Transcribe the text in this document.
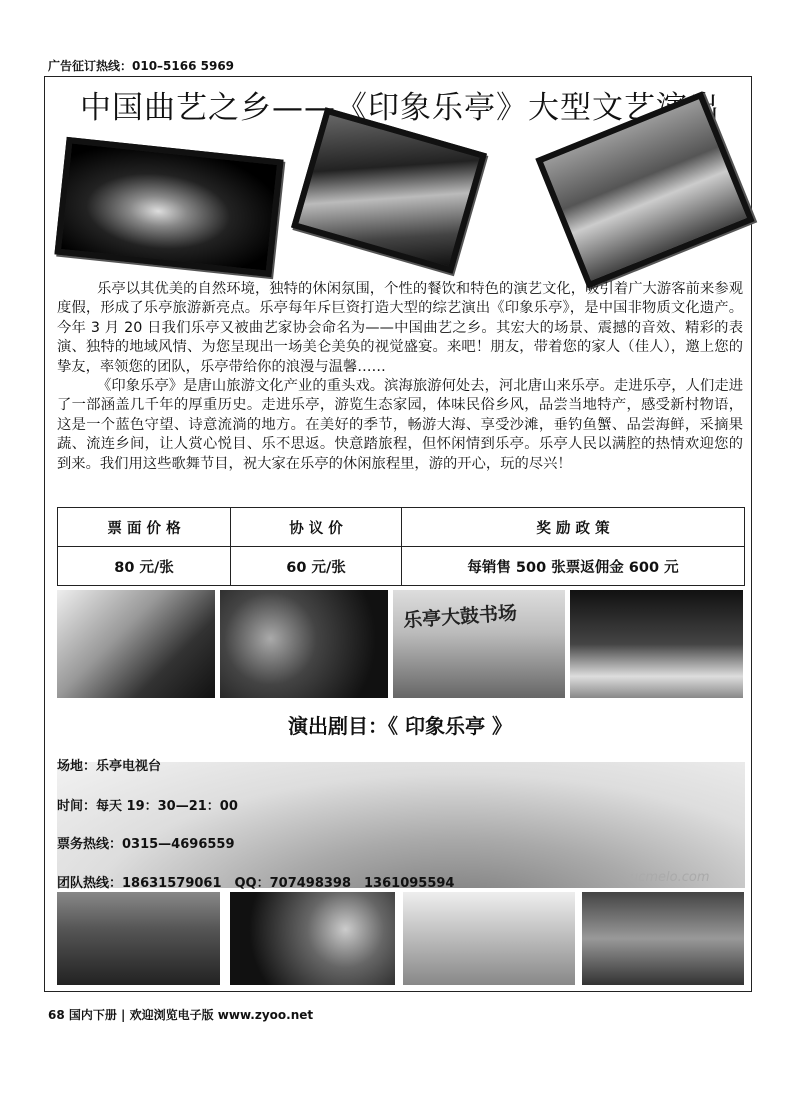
广告征订热线：010–5166 5969
中国曲艺之乡——《印象乐亭》大型文艺演出

乐亭以其优美的自然环境，独特的休闲氛围，个性的餐饮和特色的演艺文化，吸引着广大游客前来参观度假，形成了乐亭旅游新亮点。乐亭每年斥巨资打造大型的综艺演出《印象乐亭》，是中国非物质文化遗产。今年 3 月 20 日我们乐亭又被曲艺家协会命名为——中国曲艺之乡。其宏大的场景、震撼的音效、精彩的表演、独特的地域风情、为您呈现出一场美仑美奂的视觉盛宴。来吧！朋友，带着您的家人（佳人），邀上您的挚友，率领您的团队，乐亭带给你的浪漫与温馨……

《印象乐亭》是唐山旅游文化产业的重头戏。滨海旅游何处去，河北唐山来乐亭。走进乐亭，人们走进了一部涵盖几千年的厚重历史。走进乐亭，游览生态家园，体味民俗乡风，品尝当地特产，感受新村物语，这是一个蓝色守望、诗意流淌的地方。在美好的季节，畅游大海、享受沙滩，垂钓鱼蟹、品尝海鲜，采摘果蔬、流连乡间，让人赏心悦目、乐不思返。快意踏旅程，但怀闲情到乐亭。乐亭人民以满腔的热情欢迎您的到来。我们用这些歌舞节目，祝大家在乐亭的休闲旅程里，游的开心，玩的尽兴！

票 面 价 格	协 议 价	奖 励 政 策
80 元/张	60 元/张	每销售 500 张票返佣金 600 元
乐亭大鼓书场
演出剧目：《 印象乐亭 》
ucmelo.com
场地：乐亭电视台
时间：每天 19：30—21：00
票务热线：0315—4696559
团队热线：18631579061　QQ：707498398　1361095594
68 国内下册 | 欢迎浏览电子版 www.zyoo.net
